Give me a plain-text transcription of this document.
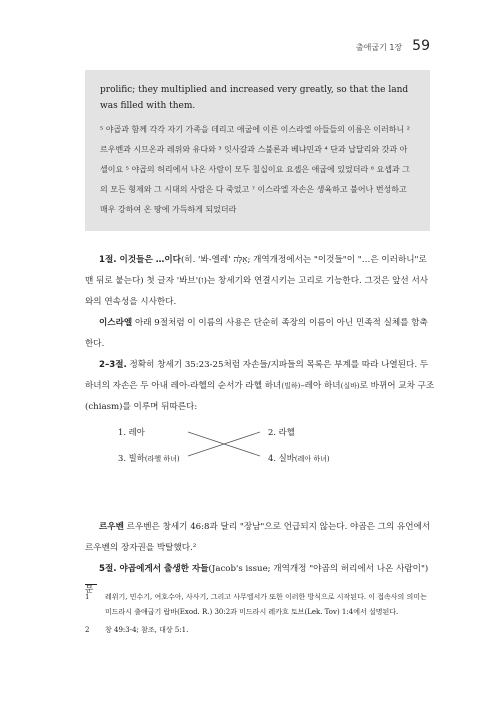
출애굽기 1장 59
prolific; they multiplied and increased very greatly, so that the land was filled with them.
⁵ 야곱과 함께 각각 자기 가족을 데리고 애굽에 이른 이스라엘 아들들의 이름은 이러하니 ² 르우벤과 시므온과 레위와 유다와 ³ 잇사갈과 스불론과 베냐민과 ⁴ 단과 납달리와 갓과 아셀이요 ⁵ 야곱의 허리에서 나온 사람이 모두 칠십이요 요셉은 애굽에 있었더라 ⁶ 요셉과 그의 모든 형제와 그 시대의 사람은 다 죽었고 ⁷ 이스라엘 자손은 생육하고 불어나 번성하고 매우 강하여 온 땅에 가득하게 되었더라

1절. 이것들은 …이다(히. '봐-엘레' אֵלֶּה; 개역개정에서는 "이것들"이 "…은 이러하니"로 맨 뒤로 붙는다) 첫 글자 '봐브'(ו)는 창세기와 연결시키는 고리로 기능한다. 그것은 앞선 서사와의 연속성을 시사한다.

이스라엘 아래 9절처럼 이 이름의 사용은 단순히 족장의 이름이 아닌 민족적 실체를 함축한다.

2–3절. 정확히 창세기 35:23-25처럼 자손들/지파들의 목록은 부계를 따라 나열된다. 두 하녀의 자손은 두 아내 레아-라헬의 순서가 라헬 하녀(빌하)–레아 하녀(실바)로 바뀌어 교차 구조(chiasm)를 이루며 뒤따른다:

1. 레아	2. 라헬
3. 빌하(라헬 하녀)	4. 실바(레아 하녀)

르우벤 르우벤은 창세기 46:8과 달리 "장남"으로 언급되지 않는다. 야곱은 그의 유언에서 르우벤의 장자권을 박탈했다.²

5절. 야곱에게서 출생한 자들(Jacob's issue; 개역개정 "야곱의 허리에서 나온 사람이") 문

1	레위기, 민수기, 여호수아, 사사기, 그리고 사무엘서가 또한 이러한 방식으로 시작된다. 이 접속사의 의미는 미드라시 출애굽기 랍바(Exod. R.) 30:2과 미드라시 레카흐 토브(Lek. Tov) 1:4에서 설명된다.
2	창 49:3-4; 참조, 대상 5:1.
